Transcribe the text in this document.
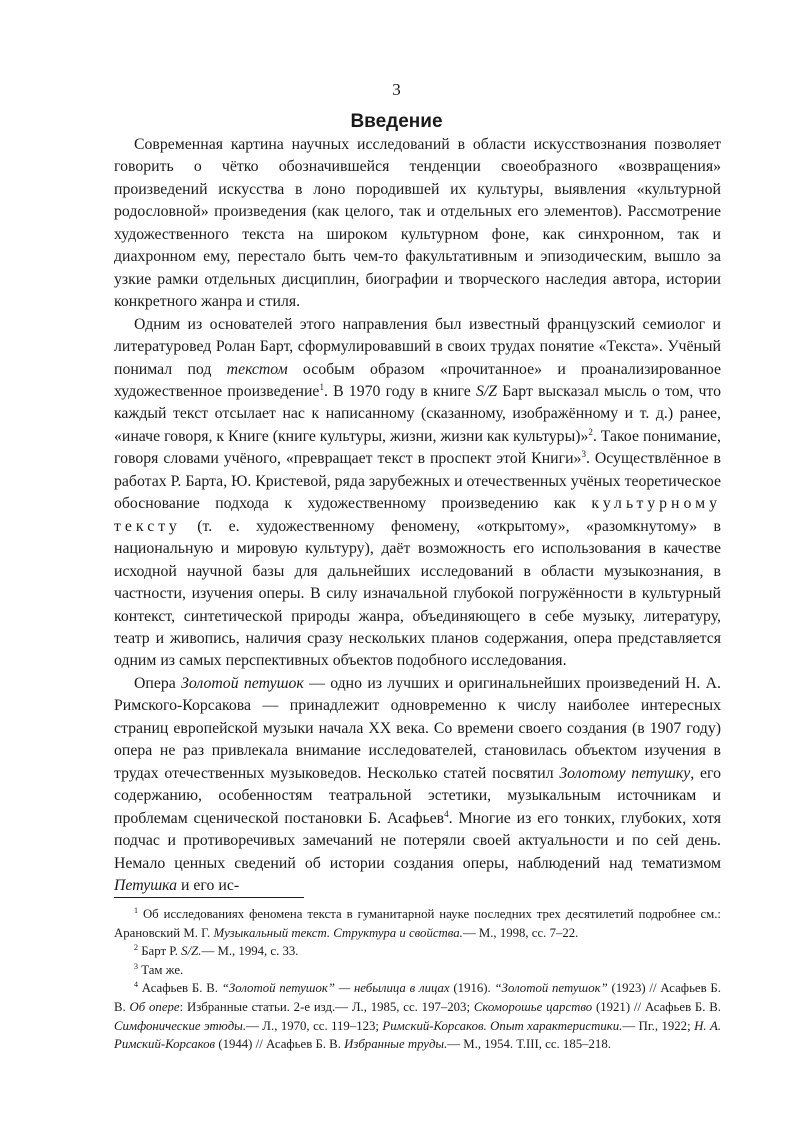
3
Введение

Современная картина научных исследований в области искусствознания позволяет говорить о чётко обозначившейся тенденции своеобразного «возвращения» произведений искусства в лоно породившей их культуры, выявления «культурной родословной» произведения (как целого, так и отдельных его элементов). Рассмотрение художественного текста на широком культурном фоне, как синхронном, так и диахронном ему, перестало быть чем-то факультативным и эпизодическим, вышло за узкие рамки отдельных дисциплин, биографии и творческого наследия автора, истории конкретного жанра и стиля.

Одним из основателей этого направления был известный французский семиолог и литературовед Ролан Барт, сформулировавший в своих трудах понятие «Текста». Учёный понимал под текстом особым образом «прочитанное» и проанализированное художественное произведение$^1$. В 1970 году в книге S/Z Барт высказал мысль о том, что каждый текст отсылает нас к написанному (сказанному, изображённому и т. д.) ранее, «иначе говоря, к Книге (книге культуры, жизни, жизни как культуры)»$^2$. Такое понимание, говоря словами учёного, «превращает текст в проспект этой Книги»$^3$. Осуществлённое в работах Р. Барта, Ю. Кристевой, ряда зарубежных и отечественных учёных теоретическое обоснование подхода к художественному произведению как культурному тексту (т. е. художественному феномену, «открытому», «разомкнутому» в национальную и мировую культуру), даёт возможность его использования в качестве исходной научной базы для дальнейших исследований в области музыкознания, в частности, изучения оперы. В силу изначальной глубокой погружённости в культурный контекст, синтетической природы жанра, объединяющего в себе музыку, литературу, театр и живопись, наличия сразу нескольких планов содержания, опера представляется одним из самых перспективных объектов подобного исследования.

Опера Золотой петушок — одно из лучших и оригинальнейших произведений Н. А. Римского-Корсакова — принадлежит одновременно к числу наиболее интересных страниц европейской музыки начала XX века. Со времени своего создания (в 1907 году) опера не раз привлекала внимание исследователей, становилась объектом изучения в трудах отечественных музыковедов. Несколько статей посвятил Золотому петушку, его содержанию, особенностям театральной эстетики, музыкальным источникам и проблемам сценической постановки Б. Асафьев$^4$. Многие из его тонких, глубоких, хотя подчас и противоречивых замечаний не потеряли своей актуальности и по сей день. Немало ценных сведений об истории создания оперы, наблюдений над тематизмом Петушка и его ис-

$^1$ Об исследованиях феномена текста в гуманитарной науке последних трех десятилетий подробнее см.: Арановский М. Г. Музыкальный текст. Структура и свойства.— М., 1998, сс. 7–22.

$^2$ Барт Р. S/Z.— М., 1994, с. 33.

$^3$ Там же.

$^4$ Асафьев Б. В. “Золотой петушок” — небылица в лицах (1916). “Золотой петушок” (1923) // Асафьев Б. В. Об опере: Избранные статьи. 2-е изд.— Л., 1985, сс. 197–203; Скоморошье царство (1921) // Асафьев Б. В. Симфонические этюды.— Л., 1970, сс. 119–123; Римский-Корсаков. Опыт характеристики.— Пг., 1922; Н. А. Римский-Корсаков (1944) // Асафьев Б. В. Избранные труды.— М., 1954. Т.III, сс. 185–218.
